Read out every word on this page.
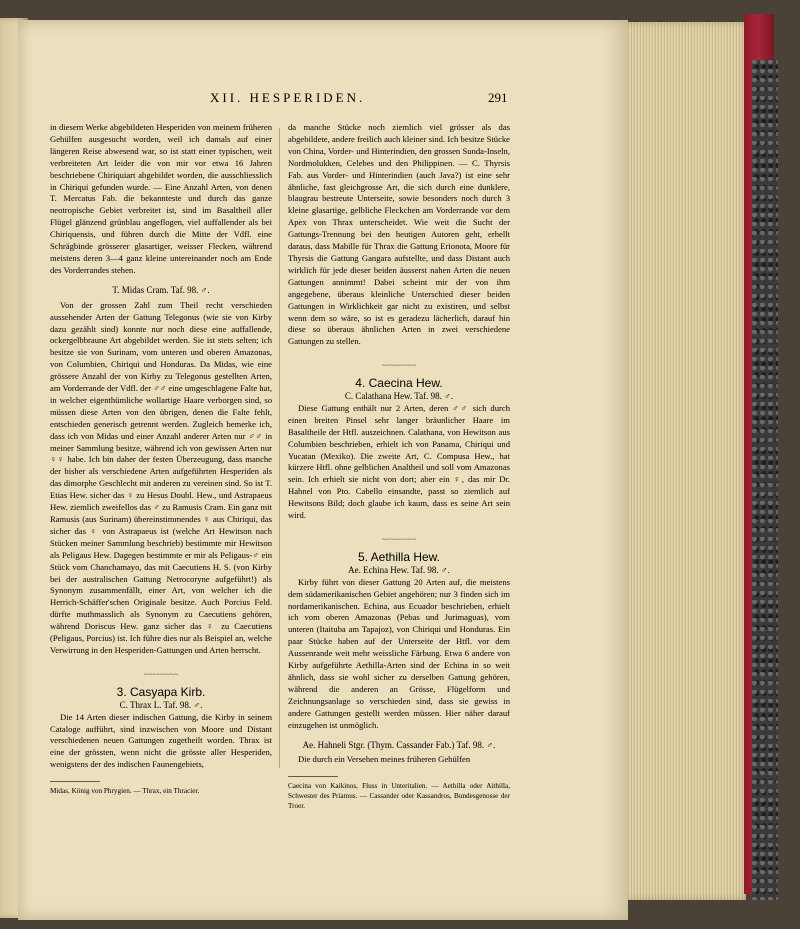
XII. HESPERIDEN.	291

in diesem Werke abgebildeten Hesperiden von meinem früheren Gehülfen ausgesucht worden, weil ich damals auf einer längeren Reise abwesend war, so ist statt einer typischen, weit verbreiteten Art leider die von mir vor etwa 16 Jahren beschriebene Chiriquiart abgebildet worden, die ausschliesslich in Chiriqui gefunden wurde. — Eine Anzahl Arten, von denen T. Mercatus Fab. die bekannteste und durch das ganze neotropische Gebiet verbreitet ist, sind im Basaltheil aller Flügel glänzend grünblau angeflogen, viel auffallender als bei Chiriquensis, und führen durch die Mitte der Vdfl. eine Schrägbinde grösserer glasartiger, weisser Flecken, während meistens deren 3—4 ganz kleine untereinander noch am Ende des Vorderrandes stehen.

T. Midas Cram. Taf. 98. ♂.

Von der grossen Zahl zum Theil recht verschieden aussehender Arten der Gattung Telegonus (wie sie von Kirby dazu gezählt sind) konnte nur noch diese eine auffallende, ockergelbbraune Art abgebildet werden. Sie ist stets selten; ich besitze sie von Surinam, vom unteren und oberen Amazonas, von Columbien, Chiriqui und Honduras. Da Midas, wie eine grössere Anzahl der von Kirby zu Telegonus gestellten Arten, am Vorderrande der Vdfl. der ♂♂ eine umgeschlagene Falte hat, in welcher eigenthümliche wollartige Haare verborgen sind, so müssen diese Arten von den übrigen, denen die Falte fehlt, entschieden generisch getrennt werden. Zugleich bemerke ich, dass ich von Midas und einer Anzahl anderer Arten nur ♂♂ in meiner Sammlung besitze, während ich von gewissen Arten nur ♀♀ habe. Ich bin daher der festen Überzeugung, dass manche der bisher als verschiedene Arten aufgeführten Hesperiden als das dimorphe Geschlecht mit anderen zu vereinen sind. So ist T. Etias Hew. sicher das ♀ zu Hesus Doubl. Hew., und Astrapaeus Hew. ziemlich zweifellos das ♂ zu Ramusis Cram. Ein ganz mit Ramusis (aus Surinam) übereinstimmendes ♀ aus Chiriqui, das sicher das ♀ von Astrapaeus ist (welche Art Hewitson nach Stücken meiner Sammlung beschrieb) bestimmte mir Hewitson als Peligaus Hew. Dagegen bestimmte er mir als Peligaus-♂ ein Stück vom Chanchamayo, das mit Caecutiens H. S. (von Kirby bei der australischen Gattung Netrocoryne aufgeführt!) als Synonym zusammenfällt, einer Art, von welcher ich die Herrich-Schäffer'schen Originale besitze. Auch Porcius Feld. dürfte muthmasslich als Synonym zu Caecutiens gehören, während Doriscus Hew. ganz sicher das ♀ zu Caecutiens (Peligaus, Porcius) ist. Ich führe dies nur als Beispiel an, welche Verwirrung in den Hesperiden-Gattungen und Arten herrscht.

~~~~~~~~
3. Casyapa Kirb.
C. Thrax L. Taf. 98. ♂.

Die 14 Arten dieser indischen Gattung, die Kirby in seinem Cataloge aufführt, sind inzwischen von Moore und Distant verschiedenen neuen Gattungen zugetheilt worden. Thrax ist eine der grössten, wenn nicht die grösste aller Hesperiden, wenigstens der des indischen Faunengebiets,

Midas, König von Phrygien. — Thrax, ein Thracier.

da manche Stücke noch ziemlich viel grösser als das abgebildete, andere freilich auch kleiner sind. Ich besitze Stücke von China, Vorder- und Hinterindien, den grossen Sunda-Inseln, Nordmolukken, Celebes und den Philippinen. — C. Thyrsis Fab. aus Vorder- und Hinterindien (auch Java?) ist eine sehr ähnliche, fast gleichgrosse Art, die sich durch eine dunklere, blaugrau bestreute Unterseite, sowie besonders noch durch 3 kleine glasartige, gelbliche Fleckchen am Vorderrande vor dem Apex von Thrax unterscheidet. Wie weit die Sucht der Gattungs-Trennung bei den heutigen Autoren geht, erhellt daraus, dass Mabille für Thrax die Gattung Erionota, Moore für Thyrsis die Gattung Gangara aufstellte, und dass Distant auch wirklich für jede dieser beiden äusserst nahen Arten die neuen Gattungen annimmt! Dabei scheint mir der von ihm angegebene, überaus kleinliche Unterschied dieser beiden Gattungen in Wirklichkeit gar nicht zu existiren, und selbst wenn dem so wäre, so ist es geradezu lächerlich, darauf hin diese so überaus ähnlichen Arten in zwei verschiedene Gattungen zu stellen.

~~~~~~~~
4. Caecina Hew.
C. Calathana Hew. Taf. 98. ♂.

Diese Gattung enthält nur 2 Arten, deren ♂♂ sich durch einen breiten Pinsel sehr langer bräunlicher Haare im Basaltheile der Htfl. auszeichnen. Calathana, von Hewitson aus Columbien beschrieben, erhielt ich von Panama, Chiriqui und Yucatan (Mexiko). Die zweite Art, C. Compusa Hew., hat kürzere Htfl. ohne gelblichen Analtheil und soll vom Amazonas sein. Ich erhielt sie nicht von dort; aber ein ♀, das mir Dr. Hahnel von Pto. Cabello einsandte, passt so ziemlich auf Hewitsons Bild; doch glaube ich kaum, dass es seine Art sein wird.

~~~~~~~~
5. Aethilla Hew.
Ae. Echina Hew. Taf. 98. ♂.

Kirby führt von dieser Gattung 20 Arten auf, die meistens dem südamerikanischen Gebiet angehören; nur 3 finden sich im nordamerikanischen. Echina, aus Ecuador beschrieben, erhielt ich vom oberen Amazonas (Pebas und Jurimaguas), vom unteren (Itaituba am Tapajoz), von Chiriqui und Honduras. Ein paar Stücke haben auf der Unterseite der Htfl. vor dem Aussenrande weit mehr weissliche Färbung. Etwa 6 andere von Kirby aufgeführte Aethilla-Arten sind der Echina in so weit ähnlich, dass sie wohl sicher zu derselben Gattung gehören, während die anderen an Grösse, Flügelform und Zeichnungsanlage so verschieden sind, dass sie gewiss in andere Gattungen gestellt werden müssen. Hier näher darauf einzugehen ist unmöglich.

Ae. Hahneli Stgr. (Thym. Cassander Fab.) Taf. 98. ♂.

Die durch ein Versehen meines früheren Gehülfen

Caecina von Kaikinos, Fluss in Unteritalien. — Aethilla oder Aithilla, Schwester des Priamus. — Cassander oder Kassandros, Bundesgenosse der Troer.
